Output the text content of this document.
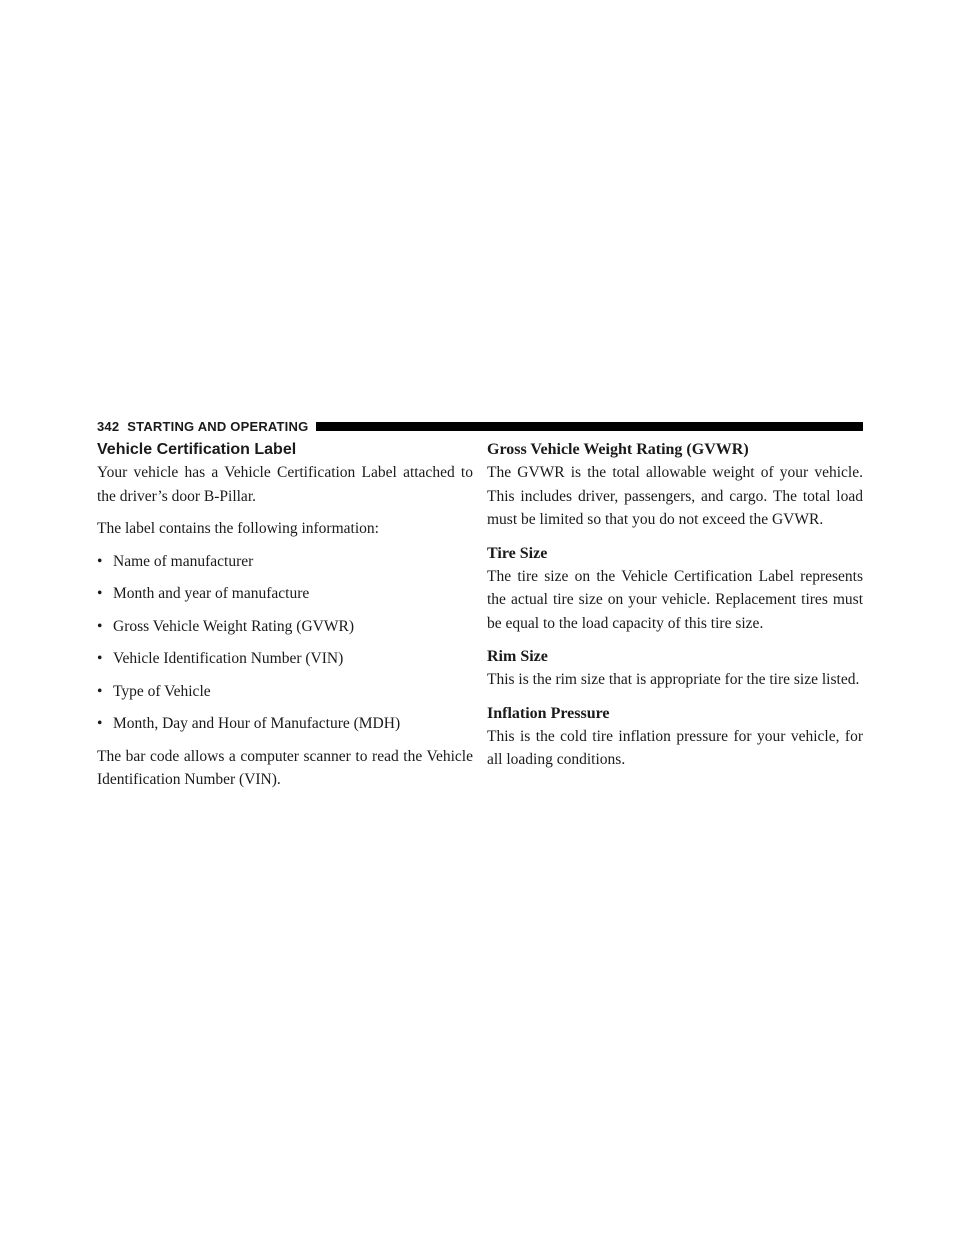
342 STARTING AND OPERATING
Vehicle Certification Label

Your vehicle has a Vehicle Certification Label attached to the driver’s door B-Pillar.

The label contains the following information:

• Name of manufacturer
• Month and year of manufacture
• Gross Vehicle Weight Rating (GVWR)
• Vehicle Identification Number (VIN)
• Type of Vehicle
• Month, Day and Hour of Manufacture (MDH)

The bar code allows a computer scanner to read the Vehicle Identification Number (VIN).

Gross Vehicle Weight Rating (GVWR)

The GVWR is the total allowable weight of your vehicle. This includes driver, passengers, and cargo. The total load must be limited so that you do not exceed the GVWR.

Tire Size

The tire size on the Vehicle Certification Label represents the actual tire size on your vehicle. Replacement tires must be equal to the load capacity of this tire size.

Rim Size

This is the rim size that is appropriate for the tire size listed.

Inflation Pressure

This is the cold tire inflation pressure for your vehicle, for all loading conditions.
